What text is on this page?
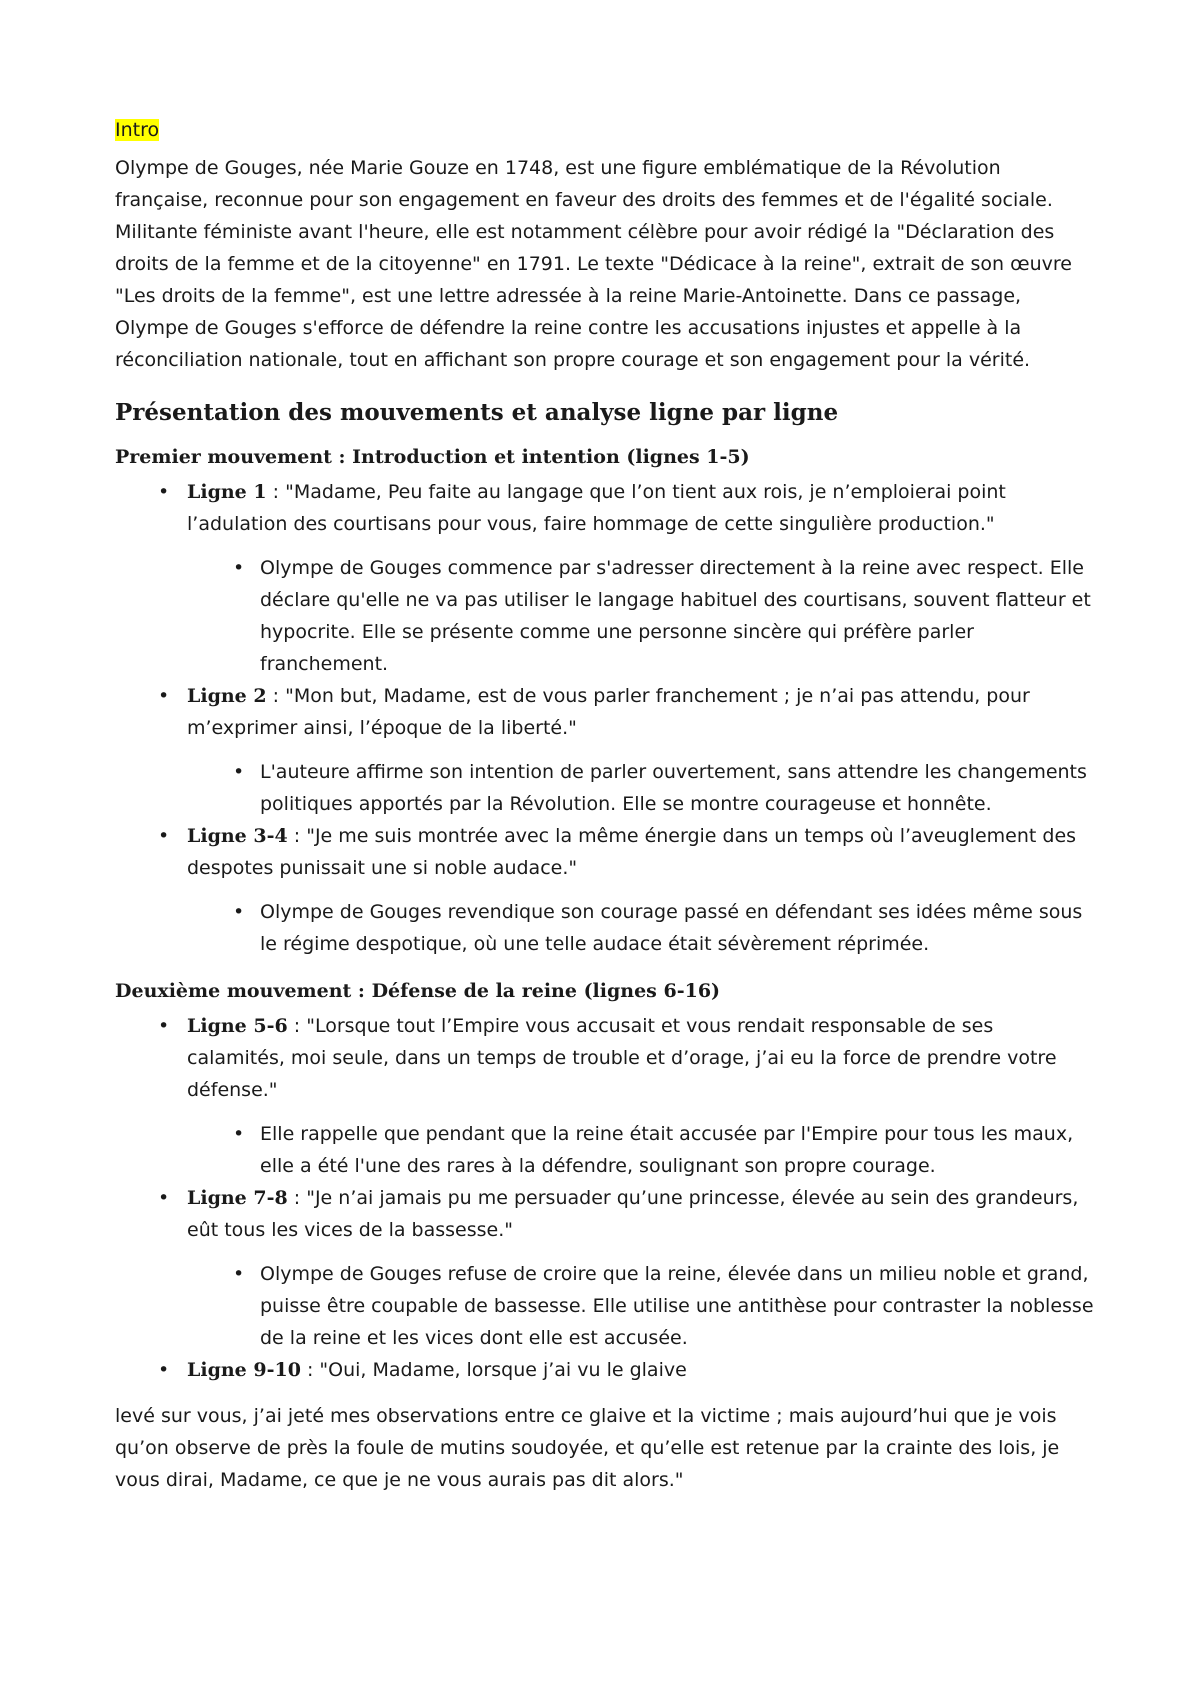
Intro

Olympe de Gouges, née Marie Gouze en 1748, est une figure emblématique de la Révolution française, reconnue pour son engagement en faveur des droits des femmes et de l'égalité sociale. Militante féministe avant l'heure, elle est notamment célèbre pour avoir rédigé la "Déclaration des droits de la femme et de la citoyenne" en 1791. Le texte "Dédicace à la reine", extrait de son œuvre "Les droits de la femme", est une lettre adressée à la reine Marie-Antoinette. Dans ce passage, Olympe de Gouges s'efforce de défendre la reine contre les accusations injustes et appelle à la réconciliation nationale, tout en affichant son propre courage et son engagement pour la vérité.

Présentation des mouvements et analyse ligne par ligne
Premier mouvement : Introduction et intention (lignes 1-5)
• Ligne 1 : "Madame, Peu faite au langage que l’on tient aux rois, je n’emploierai point l’adulation des courtisans pour vous, faire hommage de cette singulière production."
• Olympe de Gouges commence par s'adresser directement à la reine avec respect. Elle déclare qu'elle ne va pas utiliser le langage habituel des courtisans, souvent flatteur et hypocrite. Elle se présente comme une personne sincère qui préfère parler franchement.
• Ligne 2 : "Mon but, Madame, est de vous parler franchement ; je n’ai pas attendu, pour m’exprimer ainsi, l’époque de la liberté."
• L'auteure affirme son intention de parler ouvertement, sans attendre les changements politiques apportés par la Révolution. Elle se montre courageuse et honnête.
• Ligne 3-4 : "Je me suis montrée avec la même énergie dans un temps où l’aveuglement des despotes punissait une si noble audace."
• Olympe de Gouges revendique son courage passé en défendant ses idées même sous le régime despotique, où une telle audace était sévèrement réprimée.
Deuxième mouvement : Défense de la reine (lignes 6-16)
• Ligne 5-6 : "Lorsque tout l’Empire vous accusait et vous rendait responsable de ses calamités, moi seule, dans un temps de trouble et d’orage, j’ai eu la force de prendre votre défense."
• Elle rappelle que pendant que la reine était accusée par l'Empire pour tous les maux, elle a été l'une des rares à la défendre, soulignant son propre courage.
• Ligne 7-8 : "Je n’ai jamais pu me persuader qu’une princesse, élevée au sein des grandeurs, eût tous les vices de la bassesse."
• Olympe de Gouges refuse de croire que la reine, élevée dans un milieu noble et grand, puisse être coupable de bassesse. Elle utilise une antithèse pour contraster la noblesse de la reine et les vices dont elle est accusée.
• Ligne 9-10 : "Oui, Madame, lorsque j’ai vu le glaive

levé sur vous, j’ai jeté mes observations entre ce glaive et la victime ; mais aujourd’hui que je vois qu’on observe de près la foule de mutins soudoyée, et qu’elle est retenue par la crainte des lois, je vous dirai, Madame, ce que je ne vous aurais pas dit alors."
